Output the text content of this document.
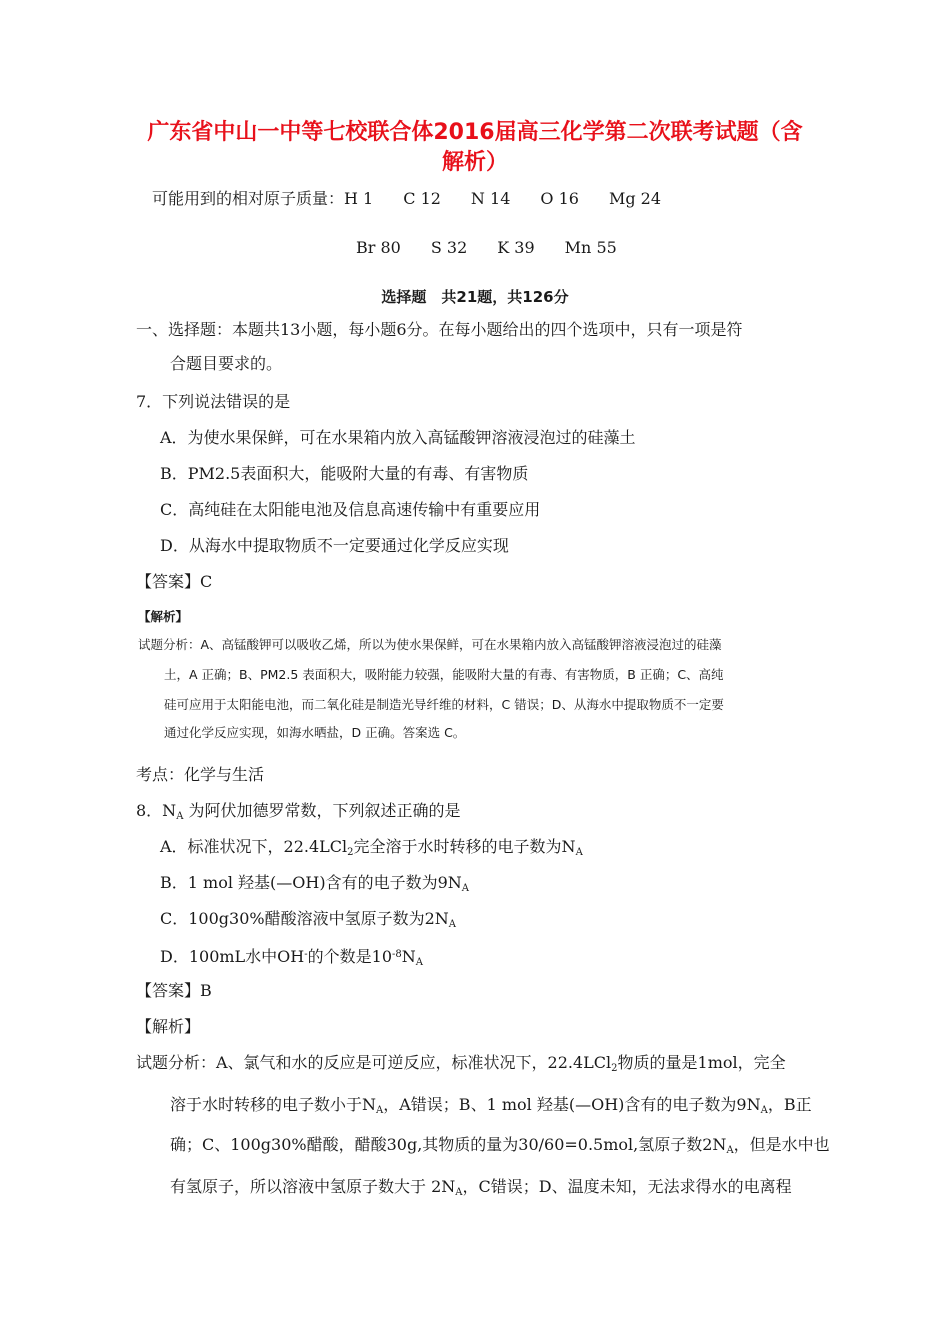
广东省中山一中等七校联合体2016届高三化学第二次联考试题（含
解析）
可能用到的相对原子质量：H 1 C 12 N 14 O 16 Mg 24
Br 80 S 32 K 39 Mn 55
选择题　共21题，共126分
一、选择题：本题共13小题，每小题6分。在每小题给出的四个选项中，只有一项是符
合题目要求的。
7．下列说法错误的是
A．为使水果保鲜，可在水果箱内放入高锰酸钾溶液浸泡过的硅藻土
B．PM2.5表面积大，能吸附大量的有毒、有害物质
C．高纯硅在太阳能电池及信息高速传输中有重要应用
D．从海水中提取物质不一定要通过化学反应实现
【答案】C
【解析】
试题分析：A、高锰酸钾可以吸收乙烯，所以为使水果保鲜，可在水果箱内放入高锰酸钾溶液浸泡过的硅藻
土，A 正确；B、PM2.5 表面积大，吸附能力较强，能吸附大量的有毒、有害物质，B 正确；C、高纯
硅可应用于太阳能电池，而二氧化硅是制造光导纤维的材料，C 错误；D、从海水中提取物质不一定要
通过化学反应实现，如海水晒盐，D 正确。答案选 C。
考点：化学与生活
8．$N_A$ 为阿伏加德罗常数，下列叙述正确的是
A．标准状况下，22.4LCl$_2$完全溶于水时转移的电子数为$N_A$
B．1 mol 羟基(—OH)含有的电子数为$9N_A$
C．100g30%醋酸溶液中氢原子数为$2N_A$
D．100mL水中OH-的个数是$10^{-8}N_A$
【答案】B
【解析】
试题分析：A、氯气和水的反应是可逆反应，标准状况下，22.4LCl$_2$物质的量是1mol，完全
溶于水时转移的电子数小于$N_A$，A错误；B、1 mol 羟基(—OH)含有的电子数为$9N_A$，B正
确；C、100g30%醋酸，醋酸30g,其物质的量为30/60=0.5mol,氢原子数$2N_A$，但是水中也
有氢原子，所以溶液中氢原子数大于 $2N_A$，C错误；D、温度未知，无法求得水的电离程
